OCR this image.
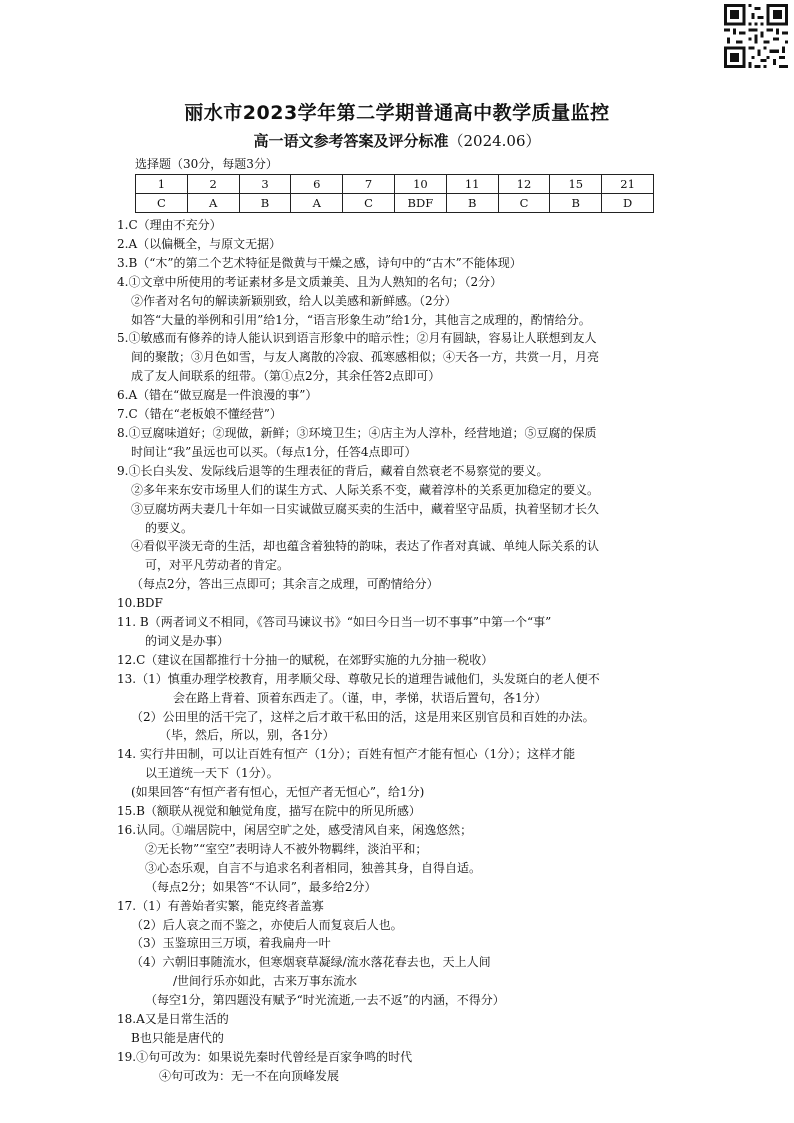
丽水市2023学年第二学期普通高中教学质量监控
高一语文参考答案及评分标准（2024.06）
选择题（30分，每题3分）
1	2	3	6	7	10	11	12	15	21
C	A	B	A	C	BDF	B	C	B	D
1.C（理由不充分）
2.A（以偏概全，与原文无据）
3.B（“木”的第二个艺术特征是微黄与干燥之感，诗句中的“古木”不能体现）
4.①文章中所使用的考证素材多是文质兼美、且为人熟知的名句；（2分）
②作者对名句的解读新颖别致，给人以美感和新鲜感。（2分）
如答“大量的举例和引用”给1分，“语言形象生动”给1分，其他言之成理的，酌情给分。
5.①敏感而有修养的诗人能认识到语言形象中的暗示性；②月有圆缺，容易让人联想到友人
间的聚散；③月色如雪，与友人离散的冷寂、孤寒感相似；④天各一方，共赏一月，月亮
成了友人间联系的纽带。（第①点2分，其余任答2点即可）
6.A（错在“做豆腐是一件浪漫的事”）
7.C（错在“老板娘不懂经营”）
8.①豆腐味道好；②现做，新鲜；③环境卫生；④店主为人淳朴，经营地道；⑤豆腐的保质
时间让“我”虽远也可以买。（每点1分，任答4点即可）
9.①长白头发、发际线后退等的生理表征的背后，藏着自然衰老不易察觉的要义。
②多年来东安市场里人们的谋生方式、人际关系不变，藏着淳朴的关系更加稳定的要义。
③豆腐坊两夫妻几十年如一日实诚做豆腐买卖的生活中，藏着坚守品质，执着坚韧才长久
的要义。
④看似平淡无奇的生活，却也蕴含着独特的韵味，表达了作者对真诚、单纯人际关系的认
可，对平凡劳动者的肯定。
（每点2分，答出三点即可；其余言之成理，可酌情给分）
10.BDF
11. B（两者词义不相同，《答司马谏议书》“如曰今日当一切不事事”中第一个“事”
的词义是办事）
12.C（建议在国都推行十分抽一的赋税，在郊野实施的九分抽一税收）
13.（1）慎重办理学校教育，用孝顺父母、尊敬兄长的道理告诫他们，头发斑白的老人便不
会在路上背着、顶着东西走了。（谨，申，孝悌，状语后置句，各1分）
（2）公田里的活干完了，这样之后才敢干私田的活，这是用来区别官员和百姓的办法。
（毕，然后，所以，别，各1分）
14. 实行井田制，可以让百姓有恒产（1分）；百姓有恒产才能有恒心（1分）；这样才能
以王道统一天下（1分）。
(如果回答“有恒产者有恒心，无恒产者无恒心”，给1分)
15.B（额联从视觉和触觉角度，描写在院中的所见所感）
16.认同。①端居院中，闲居空旷之处，感受清风自来，闲逸悠然；
②无长物”“室空”表明诗人不被外物羁绊，淡泊平和；
③心态乐观，自言不与追求名利者相同，独善其身，自得自适。
（每点2分；如果答“不认同”，最多给2分）
17.（1）有善始者实繁，能克终者盖寡
（2）后人哀之而不鉴之，亦使后人而复哀后人也。
（3）玉鉴琼田三万顷，着我扁舟一叶
（4）六朝旧事随流水，但寒烟衰草凝绿/流水落花春去也，天上人间
/世间行乐亦如此，古来万事东流水
（每空1分，第四题没有赋予“时光流逝,一去不返”的内涵，不得分）
18.A又是日常生活的
B也只能是唐代的
19.①句可改为：如果说先秦时代曾经是百家争鸣的时代
④句可改为：无一不在向顶峰发展
